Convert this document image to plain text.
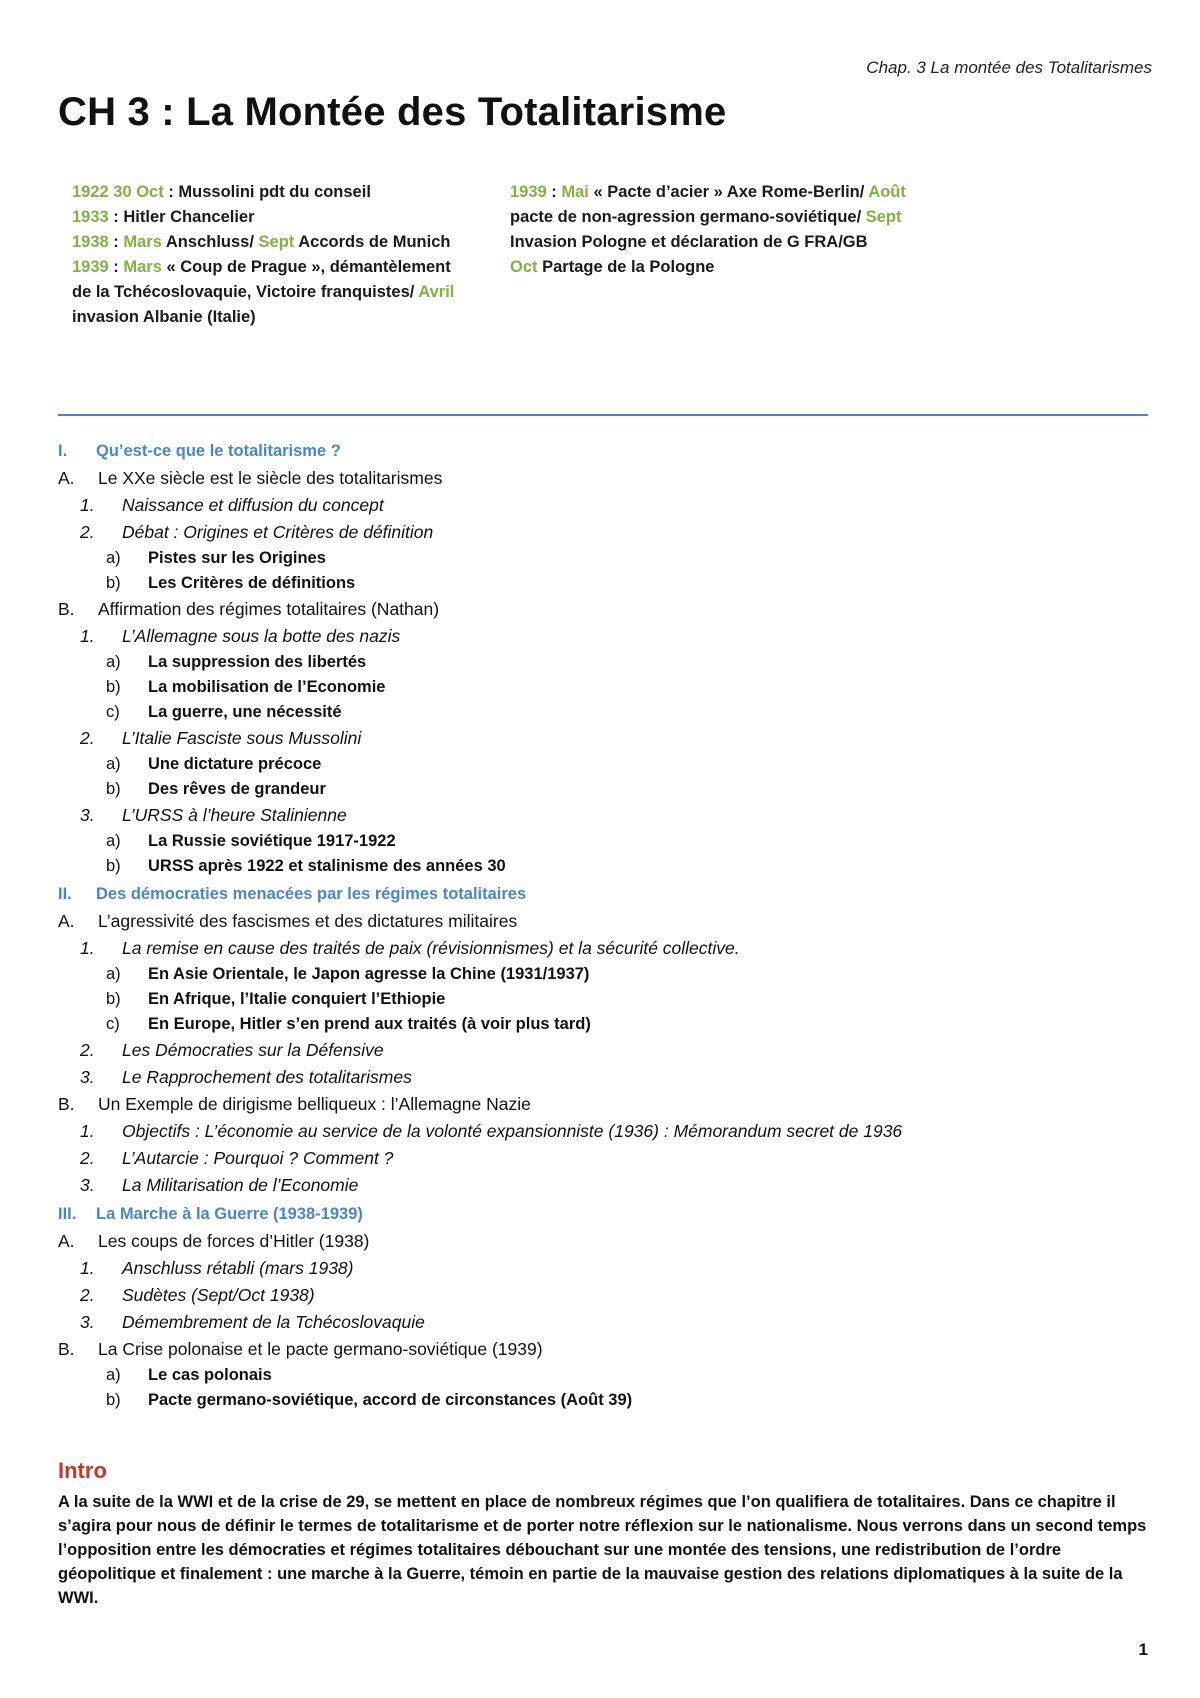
Chap. 3 La montée des Totalitarismes
CH 3 : La Montée des Totalitarisme
1922 30 Oct : Mussolini pdt du conseil
1933 : Hitler Chancelier
1938 : Mars Anschluss/ Sept Accords de Munich
1939 : Mars « Coup de Prague », démantèlement
de la Tchécoslovaquie, Victoire franquistes/ Avril
invasion Albanie (Italie)
1939 : Mai « Pacte d’acier » Axe Rome-Berlin/ Août
pacte de non-agression germano-soviétique/ Sept
Invasion Pologne et déclaration de G FRA/GB
Oct Partage de la Pologne
I. Qu’est-ce que le totalitarisme ?
A. Le XXe siècle est le siècle des totalitarismes
1. Naissance et diffusion du concept
2. Débat : Origines et Critères de définition
a) Pistes sur les Origines
b) Les Critères de définitions
B. Affirmation des régimes totalitaires (Nathan)
1. L’Allemagne sous la botte des nazis
a) La suppression des libertés
b) La mobilisation de l’Economie
c) La guerre, une nécessité
2. L’Italie Fasciste sous Mussolini
a) Une dictature précoce
b) Des rêves de grandeur
3. L’URSS à l’heure Stalinienne
a) La Russie soviétique 1917-1922
b) URSS après 1922 et stalinisme des années 30
II. Des démocraties menacées par les régimes totalitaires
A. L’agressivité des fascismes et des dictatures militaires
1. La remise en cause des traités de paix (révisionnismes) et la sécurité collective.
a) En Asie Orientale, le Japon agresse la Chine (1931/1937)
b) En Afrique, l’Italie conquiert l’Ethiopie
c) En Europe, Hitler s’en prend aux traités (à voir plus tard)
2. Les Démocraties sur la Défensive
3. Le Rapprochement des totalitarismes
B. Un Exemple de dirigisme belliqueux : l’Allemagne Nazie
1. Objectifs : L’économie au service de la volonté expansionniste (1936) : Mémorandum secret de 1936
2. L’Autarcie : Pourquoi ? Comment ?
3. La Militarisation de l’Economie
III. La Marche à la Guerre (1938-1939)
A. Les coups de forces d’Hitler (1938)
1. Anschluss rétabli (mars 1938)
2. Sudètes (Sept/Oct 1938)
3. Démembrement de la Tchécoslovaquie
B. La Crise polonaise et le pacte germano-soviétique (1939)
a) Le cas polonais
b) Pacte germano-soviétique, accord de circonstances (Août 39)
Intro

A la suite de la WWI et de la crise de 29, se mettent en place de nombreux régimes que l’on qualifiera de totalitaires. Dans ce chapitre il s’agira pour nous de définir le termes de totalitarisme et de porter notre réflexion sur le nationalisme. Nous verrons dans un second temps l’opposition entre les démocraties et régimes totalitaires débouchant sur une montée des tensions, une redistribution de l’ordre géopolitique et finalement : une marche à la Guerre, témoin en partie de la mauvaise gestion des relations diplomatiques à la suite de la WWI.

1
